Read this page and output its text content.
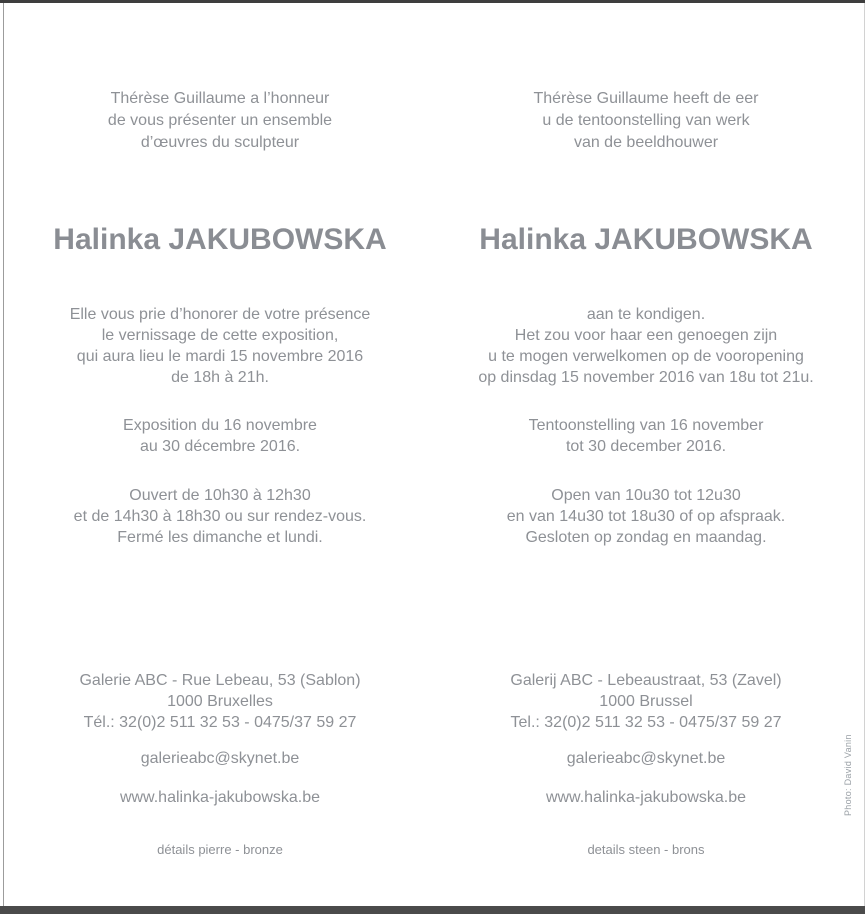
Thérèse Guillaume a l’honneur
de vous présenter un ensemble
d’œuvres du sculpteur
Halinka JAKUBOWSKA
Elle vous prie d’honorer de votre présence
le vernissage de cette exposition,
qui aura lieu le mardi 15 novembre 2016
de 18h à 21h.
Exposition du 16 novembre
au 30 décembre 2016.
Ouvert de 10h30 à 12h30
et de 14h30 à 18h30 ou sur rendez-vous.
Fermé les dimanche et lundi.
Galerie ABC - Rue Lebeau, 53 (Sablon)
1000 Bruxelles
Tél.: 32(0)2 511 32 53 - 0475/37 59 27
galerieabc@skynet.be
www.halinka-jakubowska.be
détails pierre - bronze
Thérèse Guillaume heeft de eer
u de tentoonstelling van werk
van de beeldhouwer
Halinka JAKUBOWSKA
aan te kondigen.
Het zou voor haar een genoegen zijn
u te mogen verwelkomen op de vooropening
op dinsdag 15 november 2016 van 18u tot 21u.
Tentoonstelling van 16 november
tot 30 december 2016.
Open van 10u30 tot 12u30
en van 14u30 tot 18u30 of op afspraak.
Gesloten op zondag en maandag.
Galerij ABC - Lebeaustraat, 53 (Zavel)
1000 Brussel
Tel.: 32(0)2 511 32 53 - 0475/37 59 27
galerieabc@skynet.be
www.halinka-jakubowska.be
details steen - brons
Photo: David Vanin
